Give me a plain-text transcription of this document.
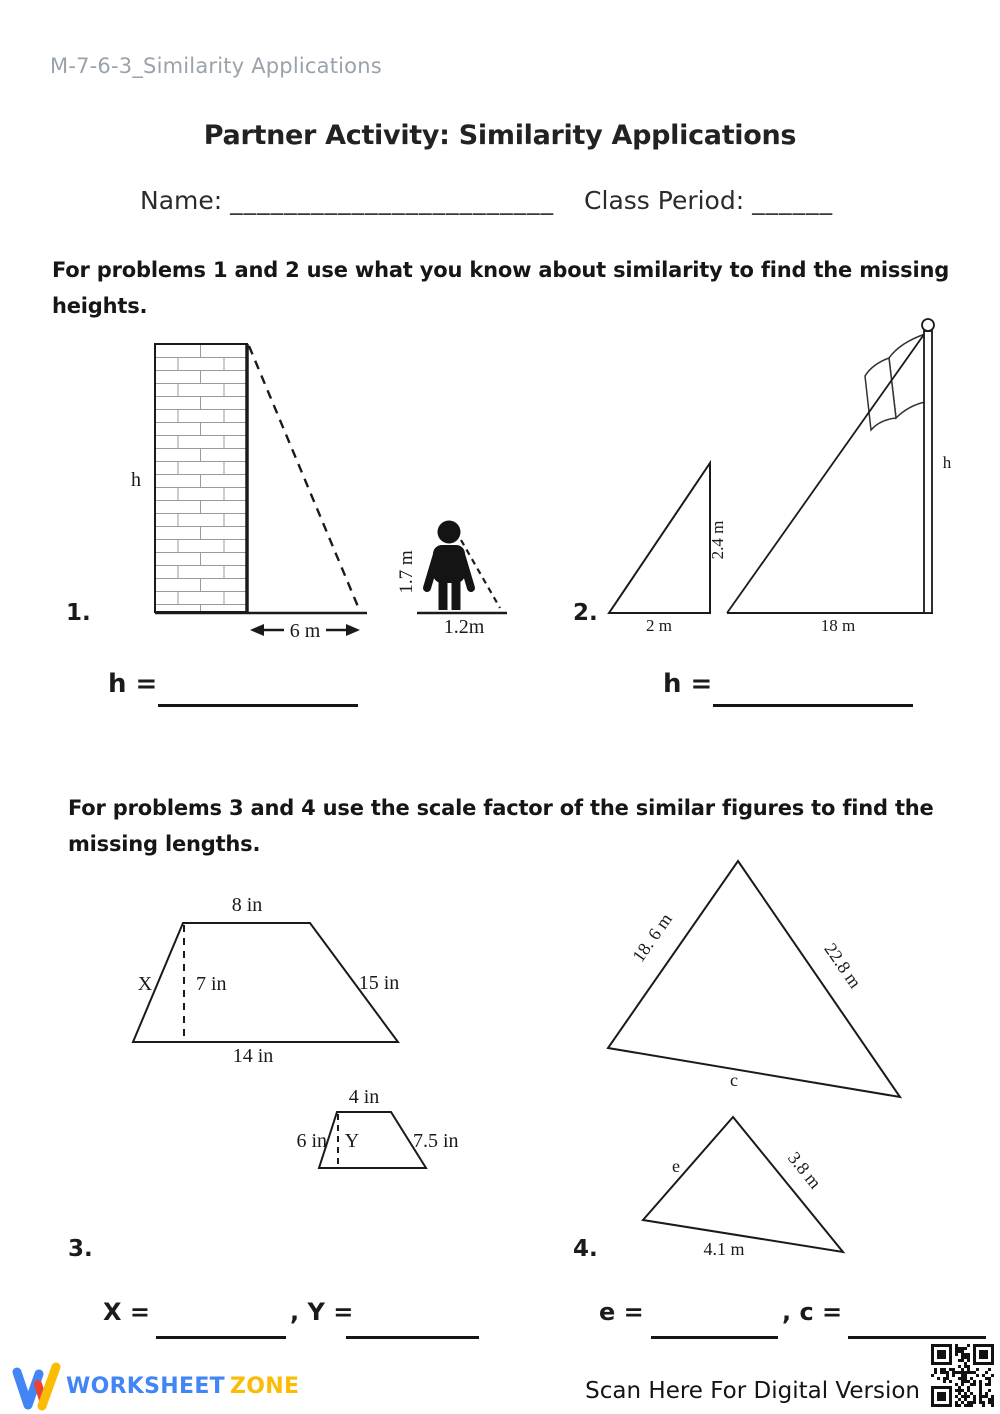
M-7-6-3_Similarity Applications
Partner Activity: Similarity Applications
Name: ________________________ Class Period: ______
For problems 1 and 2 use what you know about similarity to find the missing
heights.
For problems 3 and 4 use the scale factor of the similar figures to find the
missing lengths.
1.	2.
3.	4.
h =	h =
X =	, Y =	e =	, c =
6 m
h
1.7 m
1.2m
2.4 m
2 m
h
18 m
8 in
X 7 in	15 in
14 in
4 in
6 in Y	7.5 in
18. 6 m	22.8 m
c
e	3.8 m
4.1 m
WORKSHEET ZONE	Scan Here For Digital Version
